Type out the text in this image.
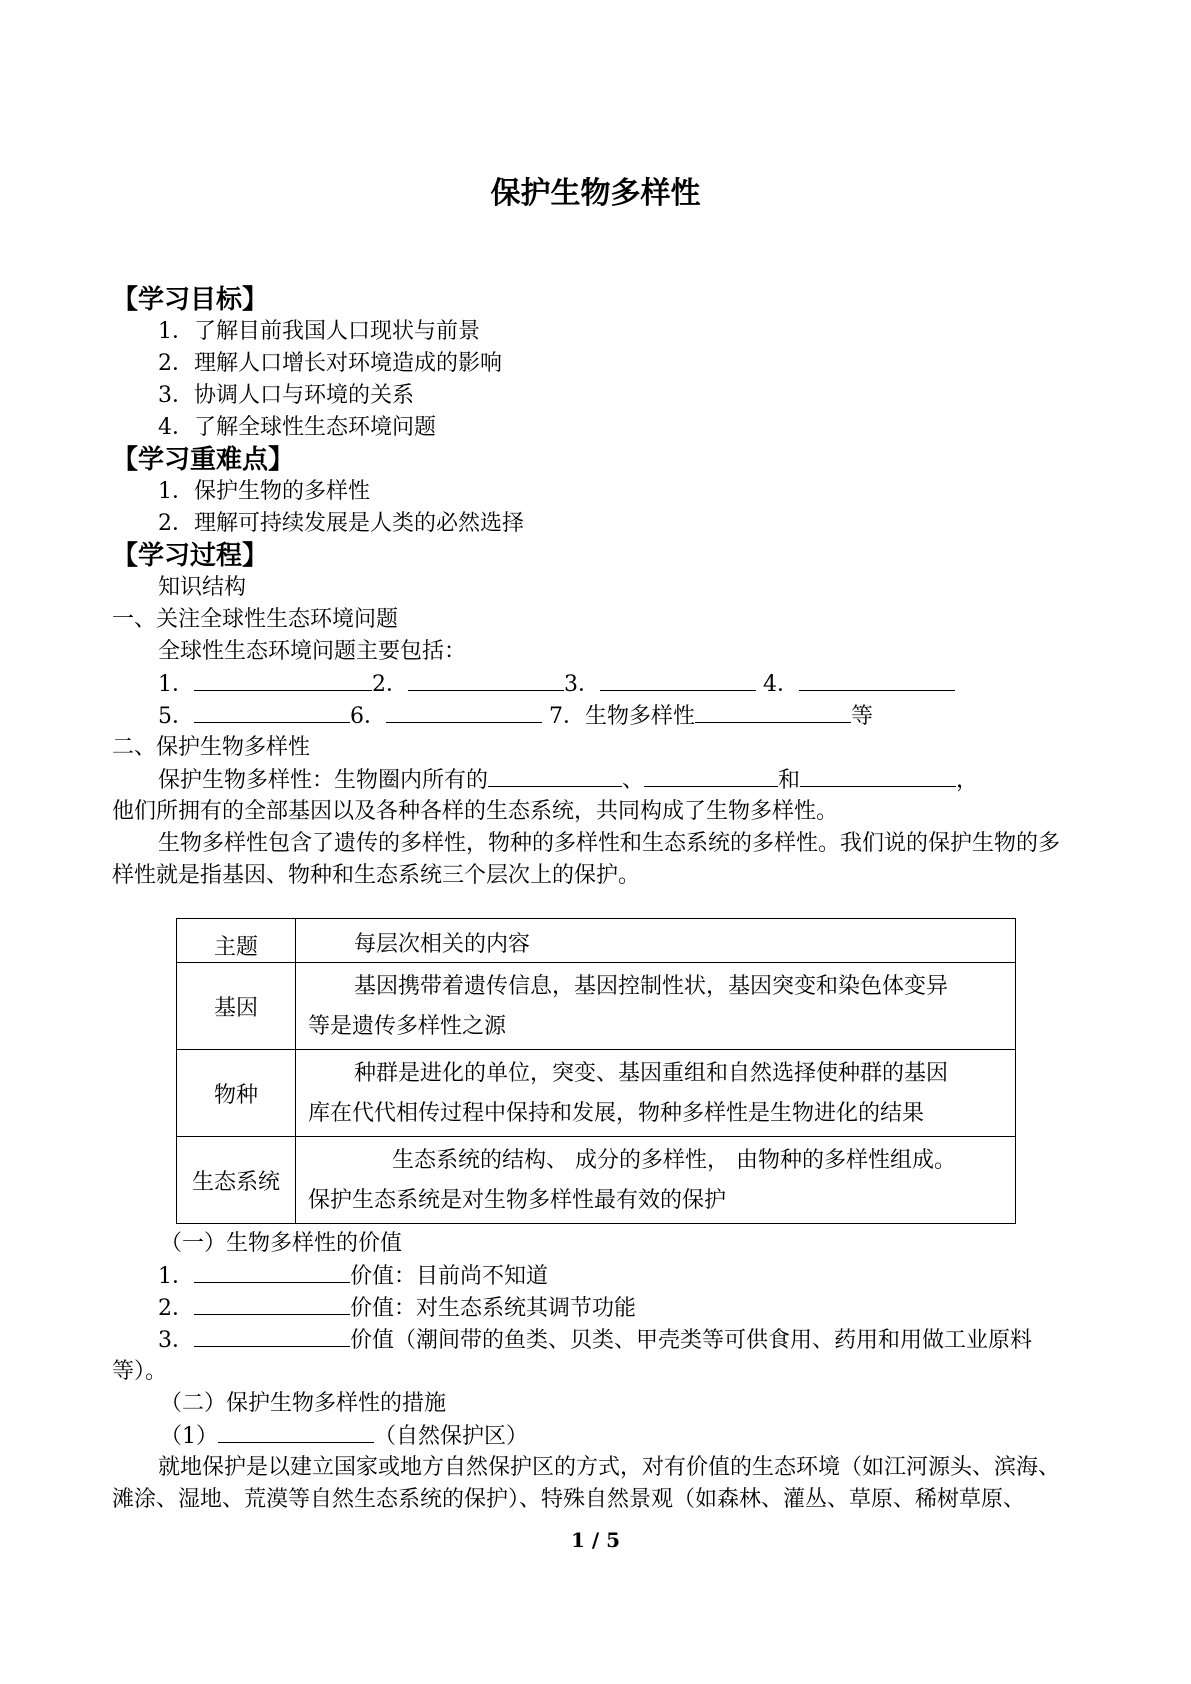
保护生物多样性
【学习目标】
1．了解目前我国人口现状与前景
2．理解人口增长对环境造成的影响
3．协调人口与环境的关系
4．了解全球性生态环境问题
【学习重难点】
1．保护生物的多样性
2．理解可持续发展是人类的必然选择
【学习过程】
知识结构
一、关注全球性生态环境问题
全球性生态环境问题主要包括：
1．	2．	3．	4．
5．	6．	7．生物多样性	等
二、保护生物多样性
保护生物多样性：生物圈内所有的	、	和	，
他们所拥有的全部基因以及各种各样的生态系统，共同构成了生物多样性。
生物多样性包含了遗传的多样性，物种的多样性和生态系统的多样性。我们说的保护生物的多样性就是指基因、物种和生态系统三个层次上的保护。
主题	每层次相关的内容
基因	基因携带着遗传信息，基因控制性状，基因突变和染色体变异
等是遗传多样性之源

物种	种群是进化的单位，突变、基因重组和自然选择使种群的基因
库在代代相传过程中保持和发展，物种多样性是生物进化的结果

生态系统	生态系统的结构、 成分的多样性， 由物种的多样性组成。
保护生态系统是对生物多样性最有效的保护
（一）生物多样性的价值
1．	价值：目前尚不知道
2．	价值：对生态系统其调节功能
3．	价值（潮间带的鱼类、贝类、甲壳类等可供食用、药用和用做工业原料
等）。
（二）保护生物多样性的措施
（1）	（自然保护区）
就地保护是以建立国家或地方自然保护区的方式，对有价值的生态环境（如江河源头、滨海、滩涂、湿地、荒漠等自然生态系统的保护）、特殊自然景观（如森林、灌丛、草原、稀树草原、
1 / 5
